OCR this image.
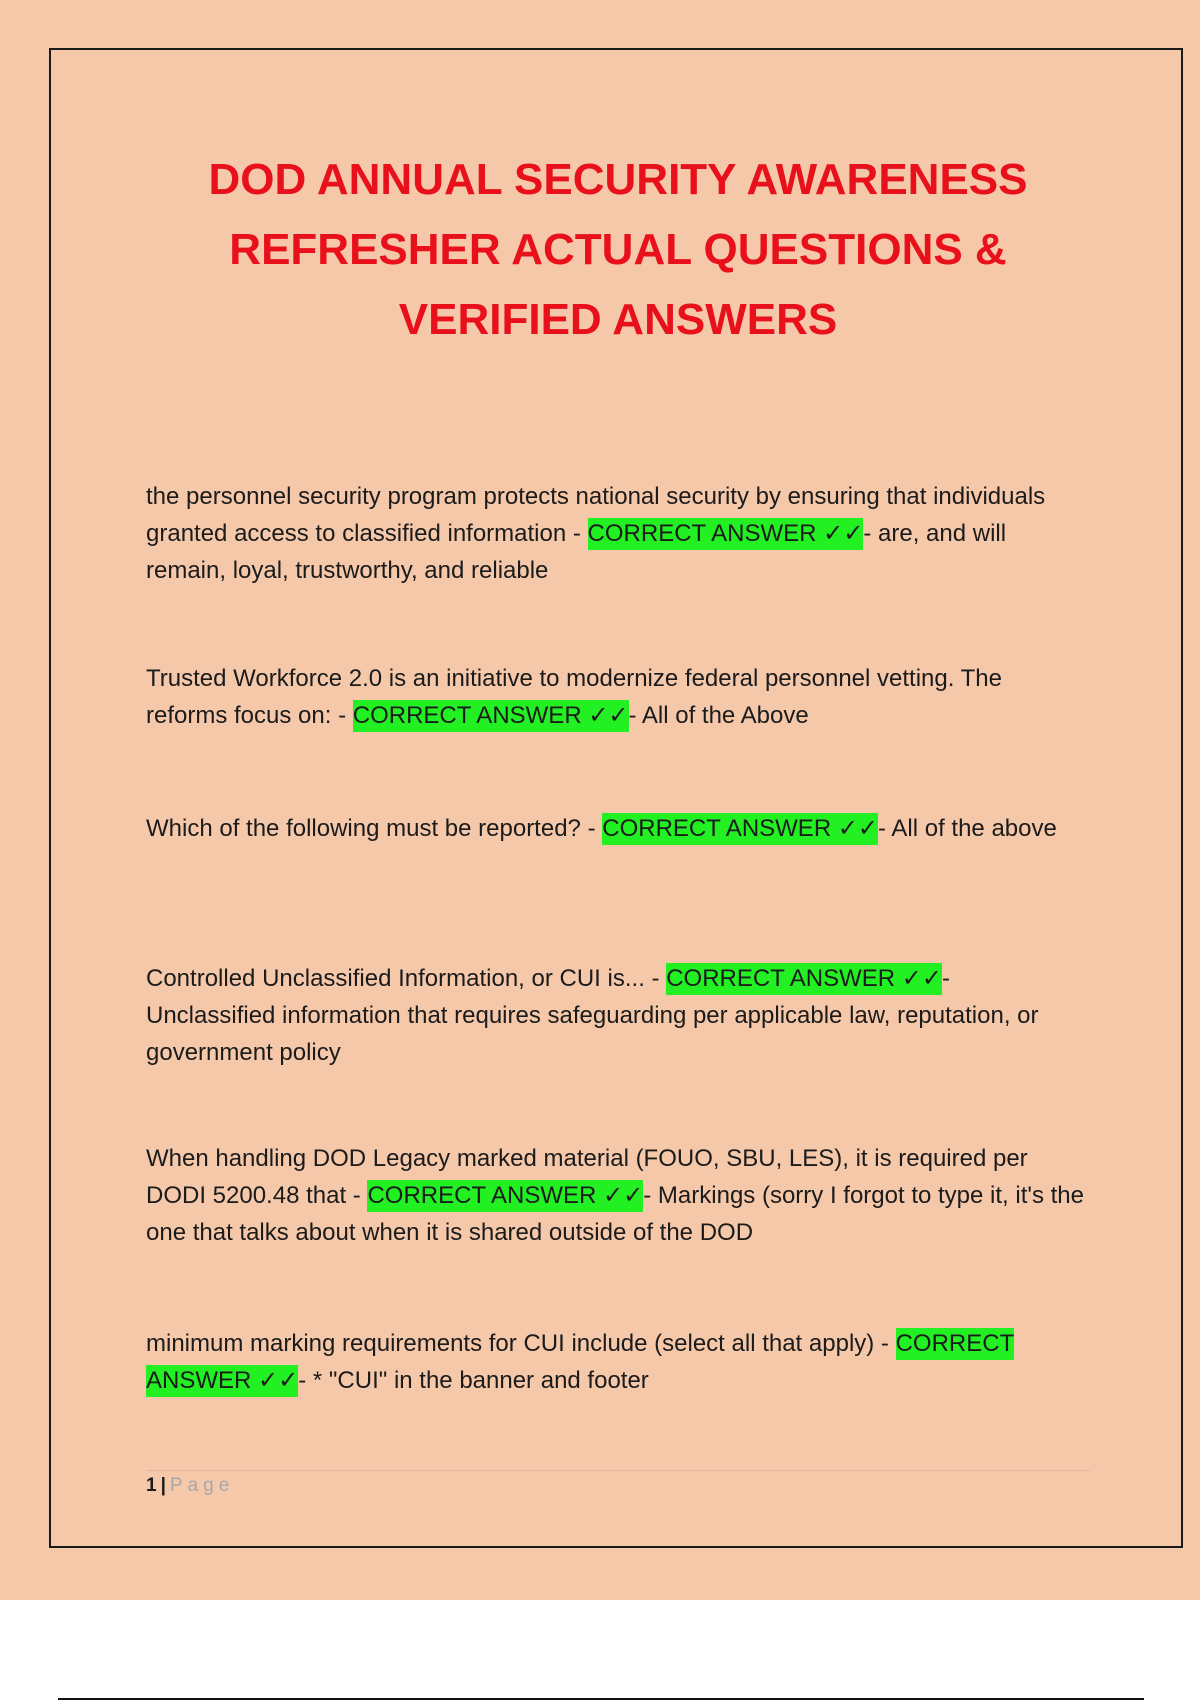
DOD ANNUAL SECURITY AWARENESS
REFRESHER ACTUAL QUESTIONS &
VERIFIED ANSWERS

the personnel security program protects national security by ensuring that individuals granted access to classified information - CORRECT ANSWER ✓✓- are, and will remain, loyal, trustworthy, and reliable

Trusted Workforce 2.0 is an initiative to modernize federal personnel vetting. The reforms focus on: - CORRECT ANSWER ✓✓- All of the Above

Which of the following must be reported? - CORRECT ANSWER ✓✓- All of the above

Controlled Unclassified Information, or CUI is... - CORRECT ANSWER ✓✓- Unclassified information that requires safeguarding per applicable law, reputation, or government policy

When handling DOD Legacy marked material (FOUO, SBU, LES), it is required per DODI 5200.48 that - CORRECT ANSWER ✓✓- Markings (sorry I forgot to type it, it's the one that talks about when it is shared outside of the DOD

minimum marking requirements for CUI include (select all that apply) - CORRECT ANSWER ✓✓- * "CUI" in the banner and footer

1 | Page
